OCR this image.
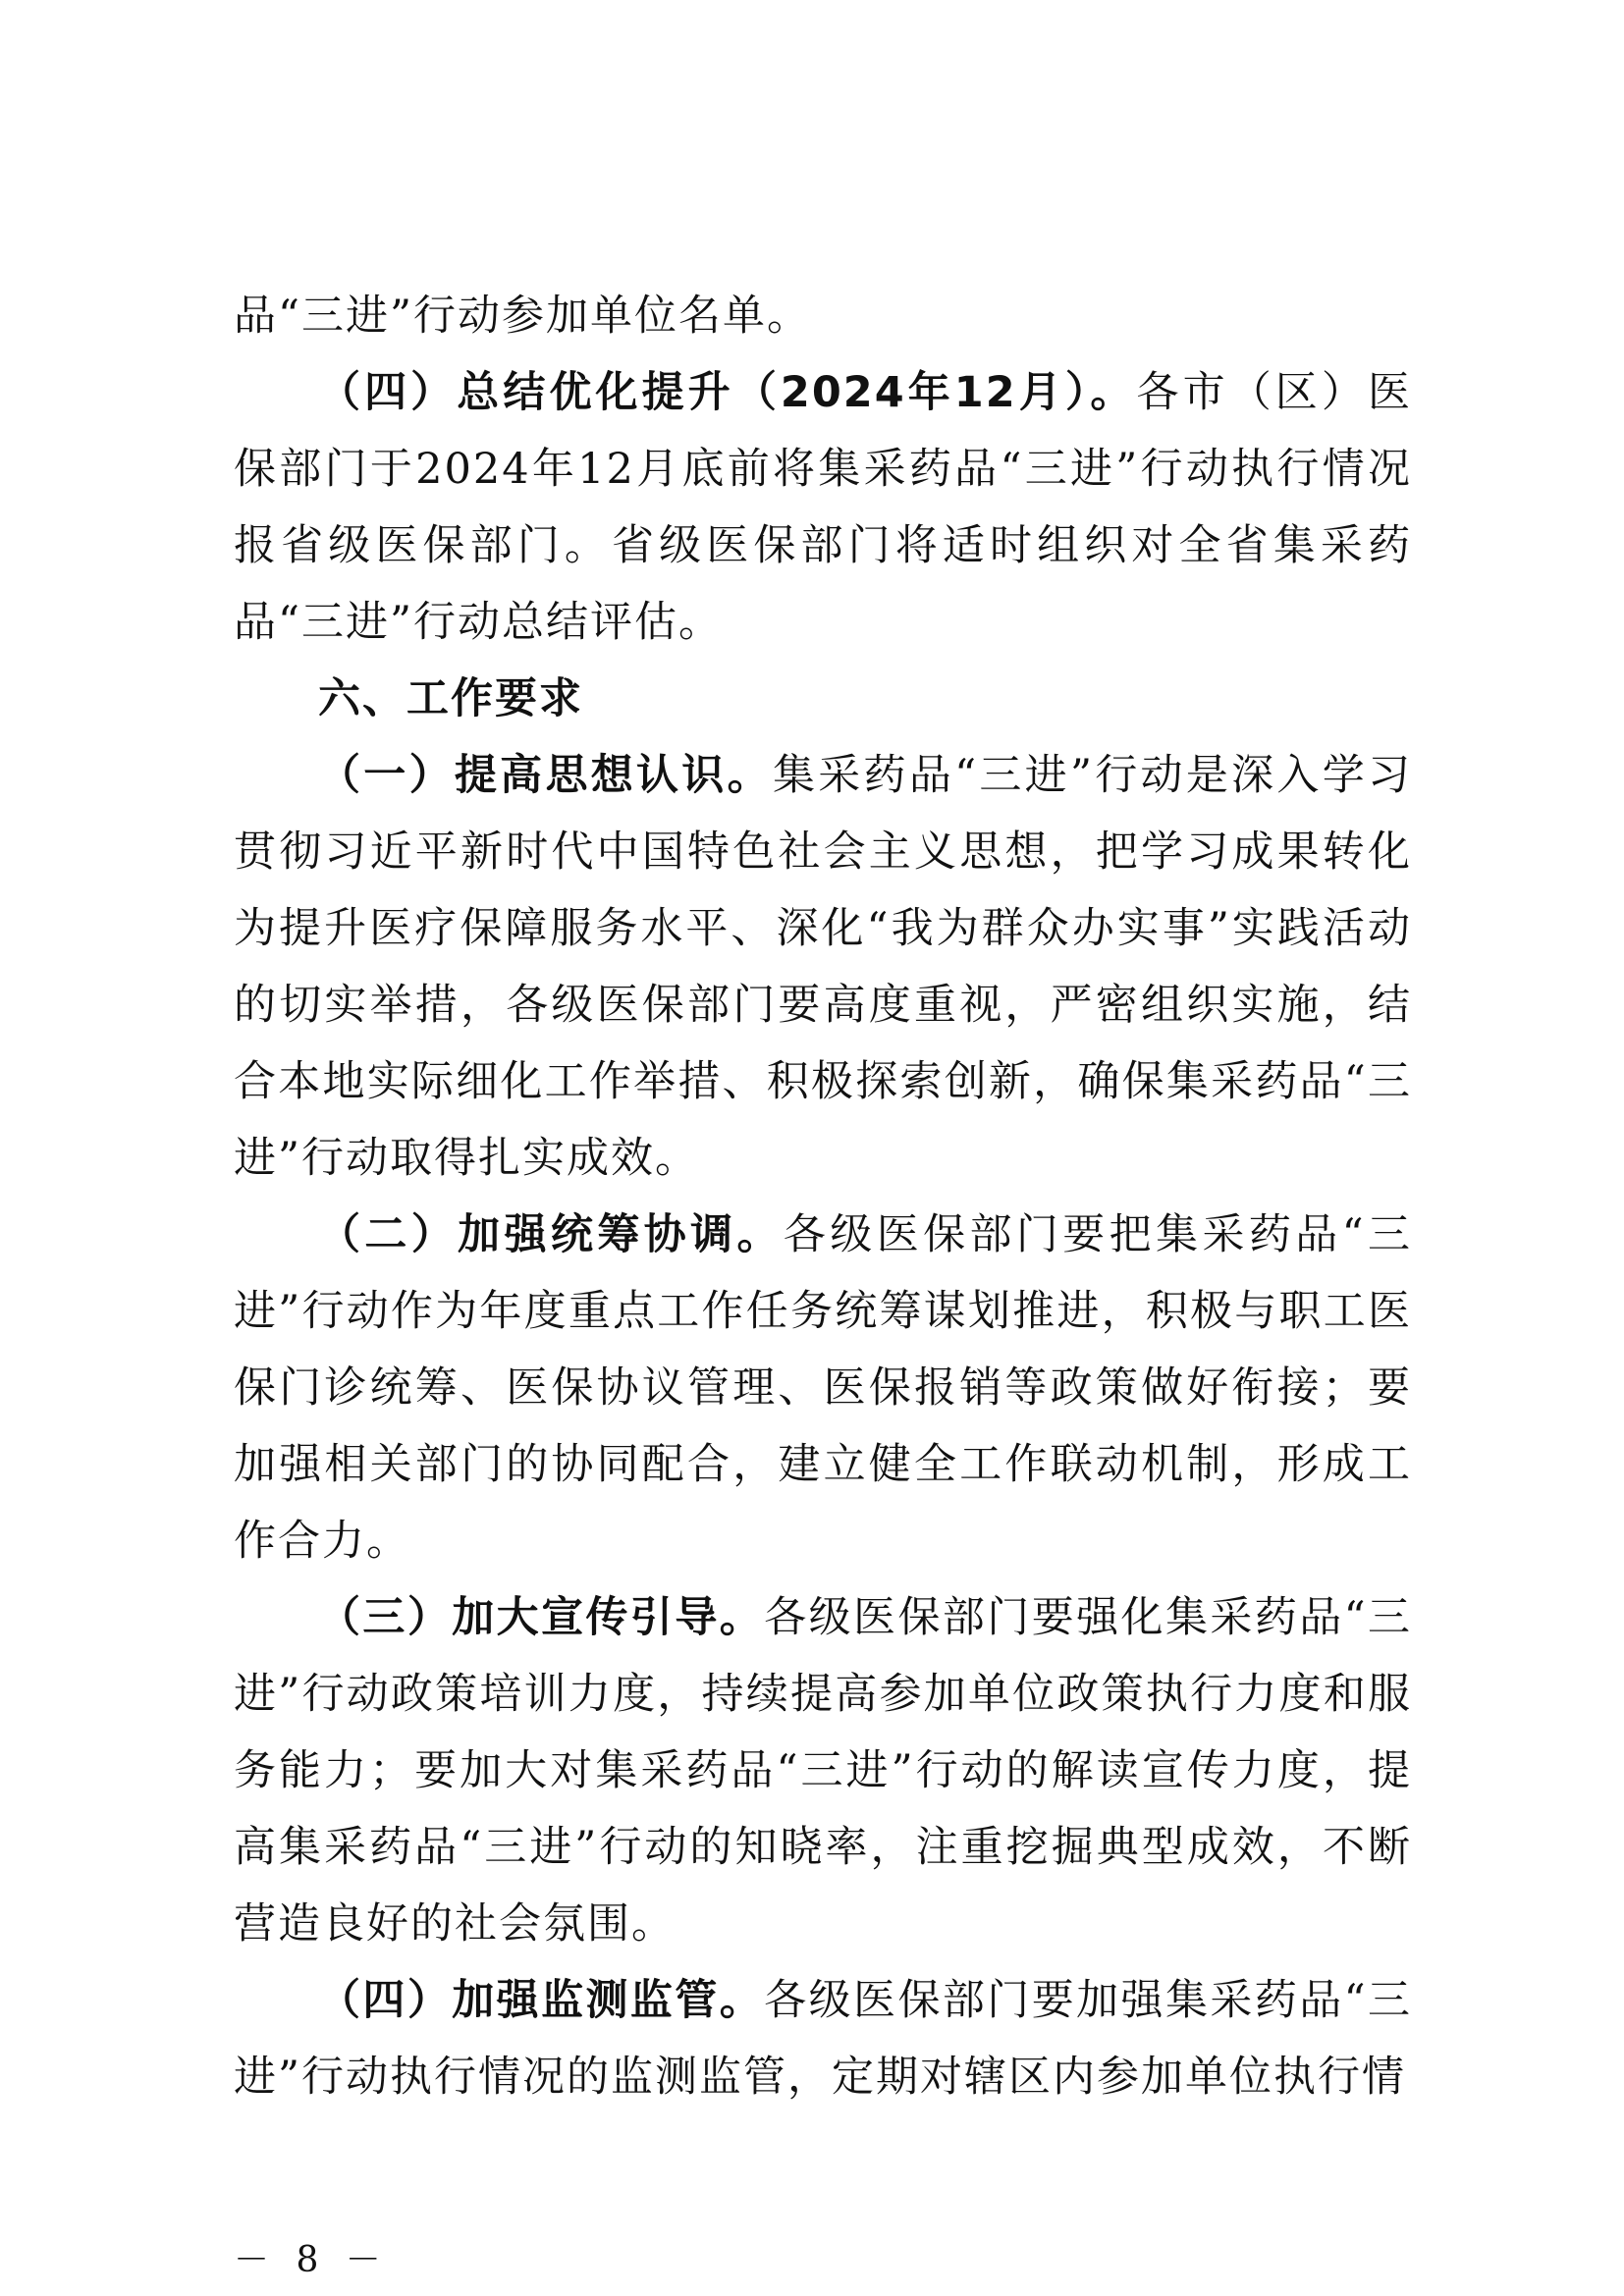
品“三进”行动参加单位名单。

（四）总结优化提升（2024年12月）。各市（区）医保部门于2024年12月底前将集采药品“三进”行动执行情况报省级医保部门。省级医保部门将适时组织对全省集采药品“三进”行动总结评估。

六、工作要求

（一）提高思想认识。集采药品“三进”行动是深入学习贯彻习近平新时代中国特色社会主义思想，把学习成果转化为提升医疗保障服务水平、深化“我为群众办实事”实践活动的切实举措，各级医保部门要高度重视，严密组织实施，结合本地实际细化工作举措、积极探索创新，确保集采药品“三进”行动取得扎实成效。

（二）加强统筹协调。各级医保部门要把集采药品“三进”行动作为年度重点工作任务统筹谋划推进，积极与职工医保门诊统筹、医保协议管理、医保报销等政策做好衔接；要加强相关部门的协同配合，建立健全工作联动机制，形成工作合力。

（三）加大宣传引导。各级医保部门要强化集采药品“三进”行动政策培训力度，持续提高参加单位政策执行力度和服务能力；要加大对集采药品“三进”行动的解读宣传力度，提高集采药品“三进”行动的知晓率，注重挖掘典型成效，不断营造良好的社会氛围。

（四）加强监测监管。各级医保部门要加强集采药品“三进”行动执行情况的监测监管，定期对辖区内参加单位执行情

－ 8 －
